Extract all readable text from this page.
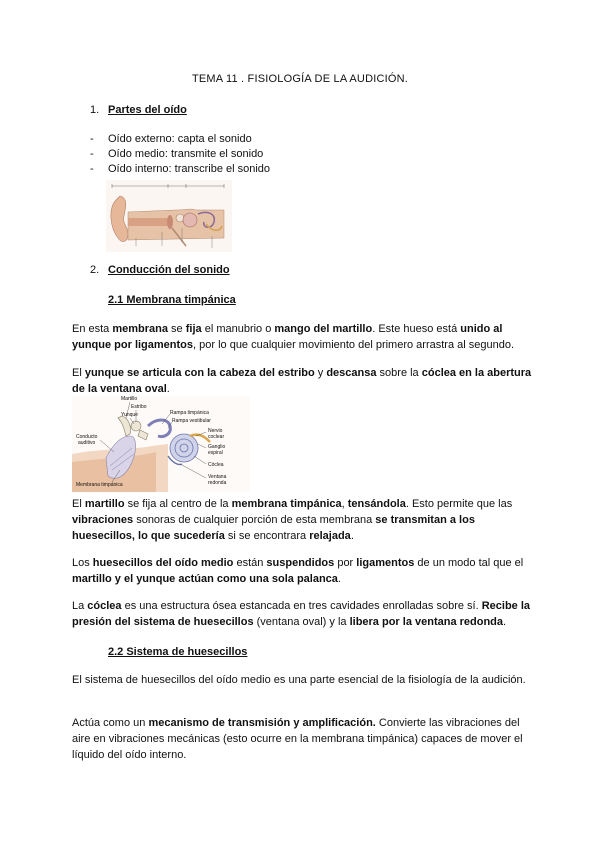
TEMA 11 . FISIOLOGÍA DE LA AUDICIÓN.
1. Partes del oído
- Oído externo: capta el sonido
- Oído medio: transmite el sonido
- Oído interno: transcribe el sonido
2. Conducción del sonido
2.1 Membrana timpánica
En esta membrana se fija el manubrio o mango del martillo. Este hueso está unido al yunque por ligamentos, por lo que cualquier movimiento del primero arrastra al segundo.
El yunque se articula con la cabeza del estribo y descansa sobre la cóclea en la abertura de la ventana oval.
Martillo
Estribo
Yunque	Rampa timpánica
Rampa vestibular
Nervio
coclear
Ganglio
espiral
Conducto
auditivo
Membrana timpánica
Cóclea
Ventana
redonda
El martillo se fija al centro de la membrana timpánica, tensándola. Esto permite que las vibraciones sonoras de cualquier porción de esta membrana se transmitan a los huesecillos, lo que sucedería si se encontrara relajada.
Los huesecillos del oído medio están suspendidos por ligamentos de un modo tal que el martillo y el yunque actúan como una sola palanca.
La cóclea es una estructura ósea estancada en tres cavidades enrolladas sobre sí. Recibe la presión del sistema de huesecillos (ventana oval) y la libera por la ventana redonda.
2.2 Sistema de huesecillos
El sistema de huesecillos del oído medio es una parte esencial de la fisiología de la audición.
Actúa como un mecanismo de transmisión y amplificación. Convierte las vibraciones del aire en vibraciones mecánicas (esto ocurre en la membrana timpánica) capaces de mover el líquido del oído interno.
